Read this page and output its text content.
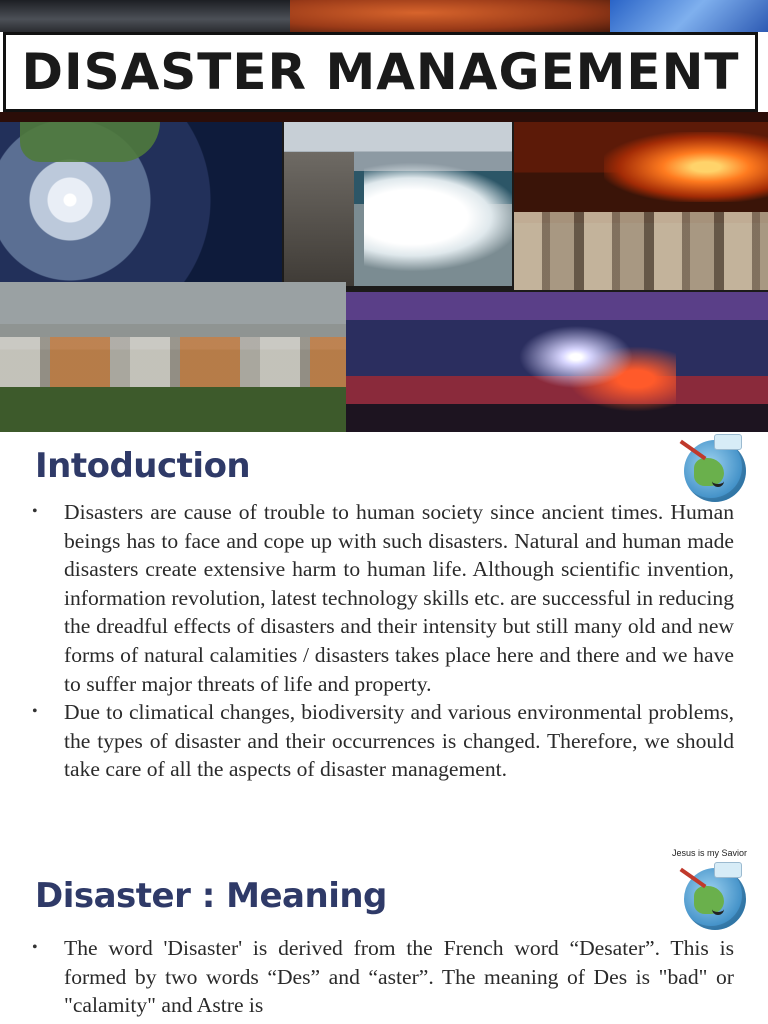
DISASTER MANAGEMENT
Intoduction
• Disasters are cause of trouble to human society since ancient times. Human beings has to face and cope up with such disasters. Natural and human made disasters create extensive harm to human life. Although scientific invention, information revolution, latest technology skills etc. are successful in reducing the dreadful effects of disasters and their intensity but still many old and new forms of natural calamities / disasters takes place here and there and we have to suffer major threats of life and property.
• Due to climatical changes, biodiversity and various environmental problems, the types of disaster and their occurrences is changed. Therefore, we should take care of all the aspects of disaster management.
Jesus is my Savior
Disaster : Meaning
• The word 'Disaster' is derived from the French word “Desater”. This is formed by two words “Des” and “aster”. The meaning of Des is "bad" or "calamity" and Astre is
